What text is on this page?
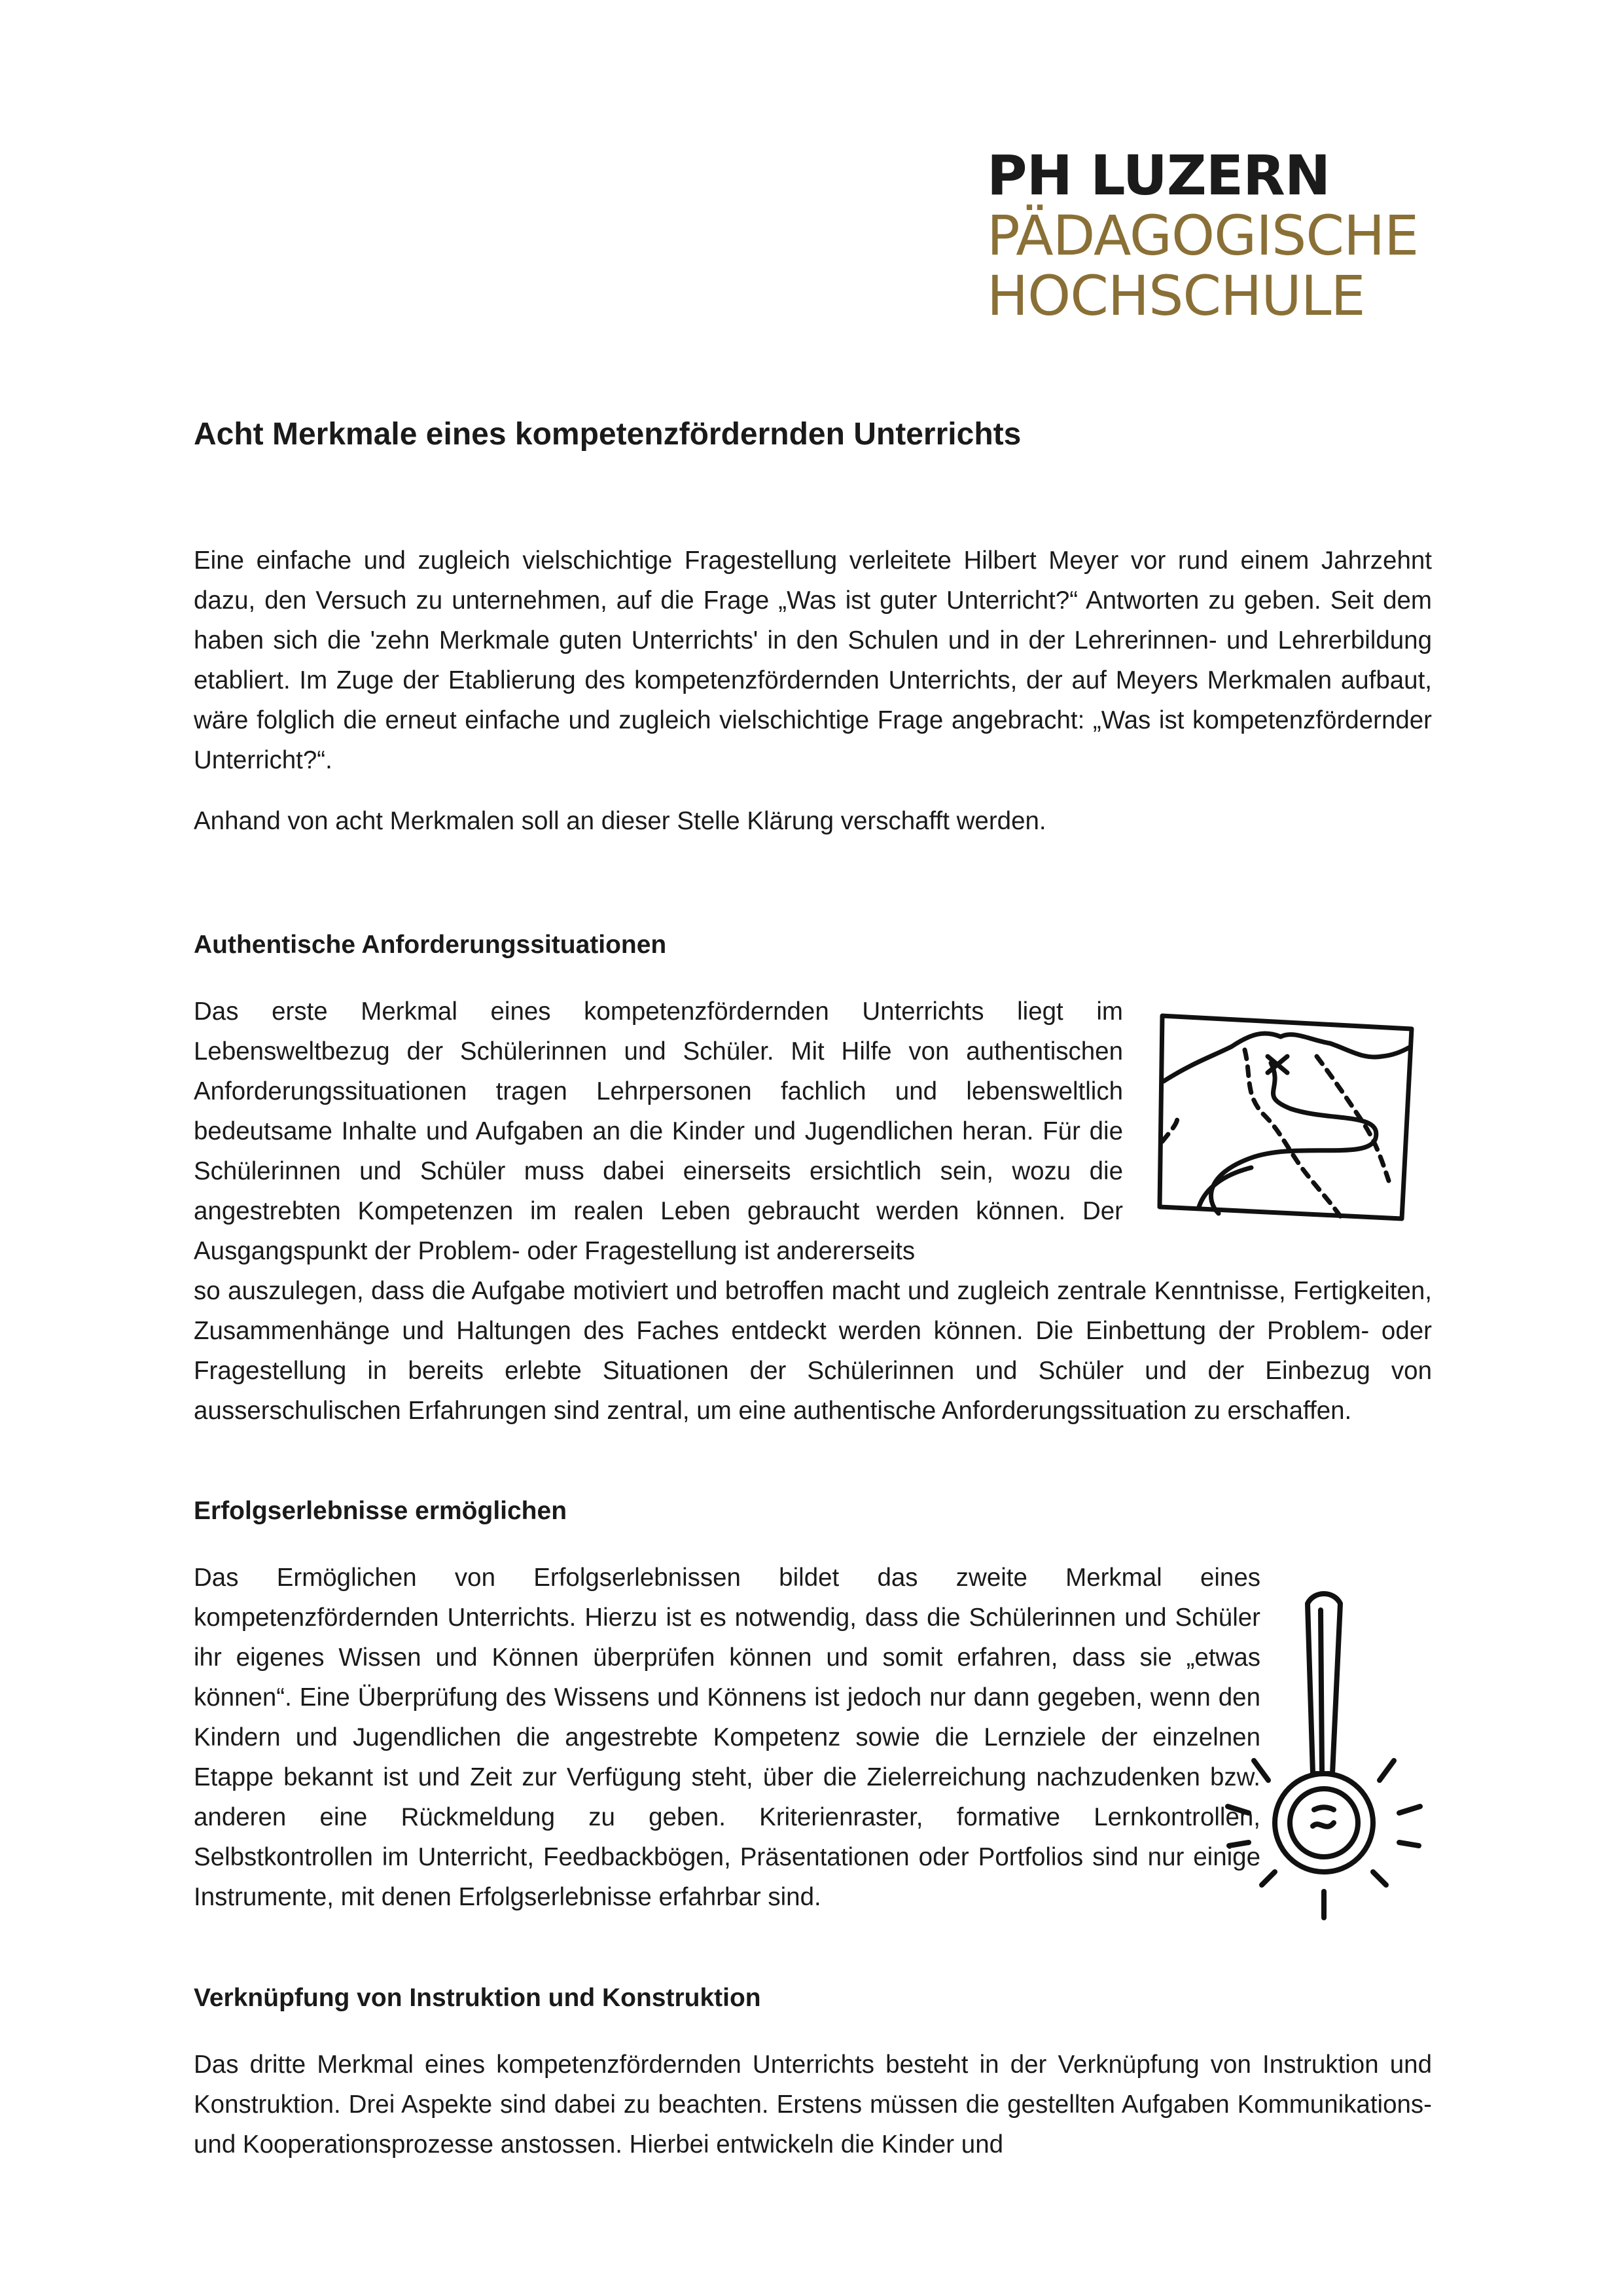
PH LUZERN
PÄDAGOGISCHE
HOCHSCHULE
Acht Merkmale eines kompetenzfördernden Unterrichts

Eine einfache und zugleich vielschichtige Fragestellung verleitete Hilbert Meyer vor rund einem Jahrzehnt dazu, den Versuch zu unternehmen, auf die Frage „Was ist guter Unterricht?“ Antworten zu geben. Seit dem haben sich die 'zehn Merkmale guten Unterrichts' in den Schulen und in der Lehrerinnen- und Lehrerbildung etabliert. Im Zuge der Etablierung des kompetenzfördernden Unterrichts, der auf Meyers Merkmalen aufbaut, wäre folglich die erneut einfache und zugleich vielschichtige Frage angebracht: „Was ist kompetenzfördernder Unterricht?“.

Anhand von acht Merkmalen soll an dieser Stelle Klärung verschafft werden.

Authentische Anforderungssituationen

Das erste Merkmal eines kompetenzfördernden Unterrichts liegt im Lebensweltbezug der Schülerinnen und Schüler. Mit Hilfe von authentischen Anforderungssituationen tragen Lehrpersonen fachlich und lebensweltlich bedeutsame Inhalte und Aufgaben an die Kinder und Jugendlichen heran. Für die Schülerinnen und Schüler muss dabei einerseits ersichtlich sein, wozu die angestrebten Kompetenzen im realen Leben gebraucht werden können. Der Ausgangspunkt der Problem- oder Fragestellung ist andererseits

so auszulegen, dass die Aufgabe motiviert und betroffen macht und zugleich zentrale Kenntnisse, Fertigkeiten, Zusammenhänge und Haltungen des Faches entdeckt werden können. Die Einbettung der Problem- oder Fragestellung in bereits erlebte Situationen der Schülerinnen und Schüler und der Einbezug von ausserschulischen Erfahrungen sind zentral, um eine authentische Anforderungssituation zu erschaffen.

Erfolgserlebnisse ermöglichen

Das Ermöglichen von Erfolgserlebnissen bildet das zweite Merkmal eines kompetenzfördernden Unterrichts. Hierzu ist es notwendig, dass die Schülerinnen und Schüler ihr eigenes Wissen und Können überprüfen können und somit erfahren, dass sie „etwas können“. Eine Überprüfung des Wissens und Könnens ist jedoch nur dann gegeben, wenn den Kindern und Jugendlichen die angestrebte Kompetenz sowie die Lernziele der einzelnen Etappe bekannt ist und Zeit zur Verfügung steht, über die Zielerreichung nachzudenken bzw. anderen eine Rückmeldung zu geben. Kriterienraster, formative Lernkontrollen, Selbstkontrollen im Unterricht, Feedbackbögen, Präsentationen oder Portfolios sind nur einige Instrumente, mit denen Erfolgserlebnisse erfahrbar sind.

Verknüpfung von Instruktion und Konstruktion

Das dritte Merkmal eines kompetenzfördernden Unterrichts besteht in der Verknüpfung von Instruktion und Konstruktion. Drei Aspekte sind dabei zu beachten. Erstens müssen die gestellten Aufgaben Kommunikations- und Kooperationsprozesse anstossen. Hierbei entwickeln die Kinder und
